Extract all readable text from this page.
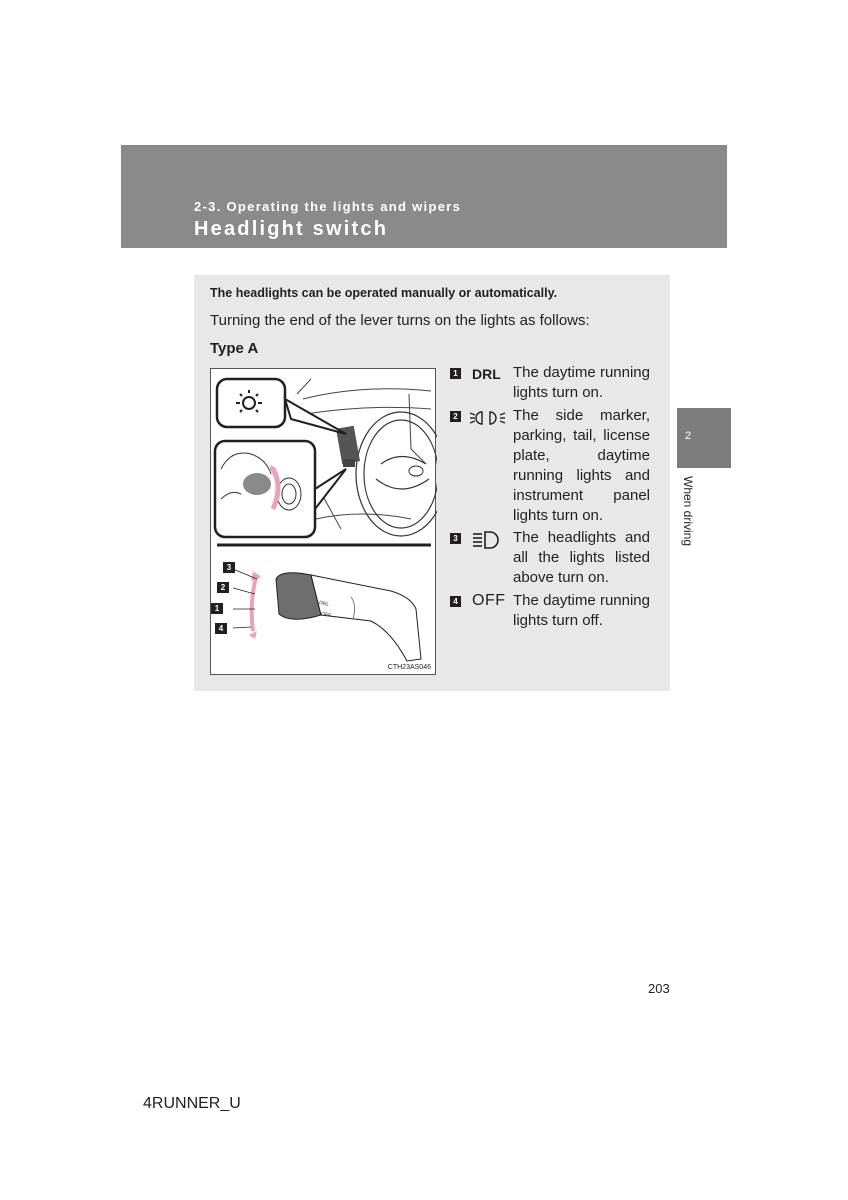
2-3. Operating the lights and wipers
Headlight switch
2
When driving
The headlights can be operated manually or automatically.
Turning the end of the lever turns on the lights as follows:
Type A
3
2
1
4
DRL
OFF
CTH23AS046
1 DRL The daytime running lights turn on.
2	The side marker, parking, tail, license plate, daytime running lights and instrument panel lights turn on.
3	The headlights and all the lights listed above turn on.
4 OFF The daytime running lights turn off.
203
4RUNNER_U
